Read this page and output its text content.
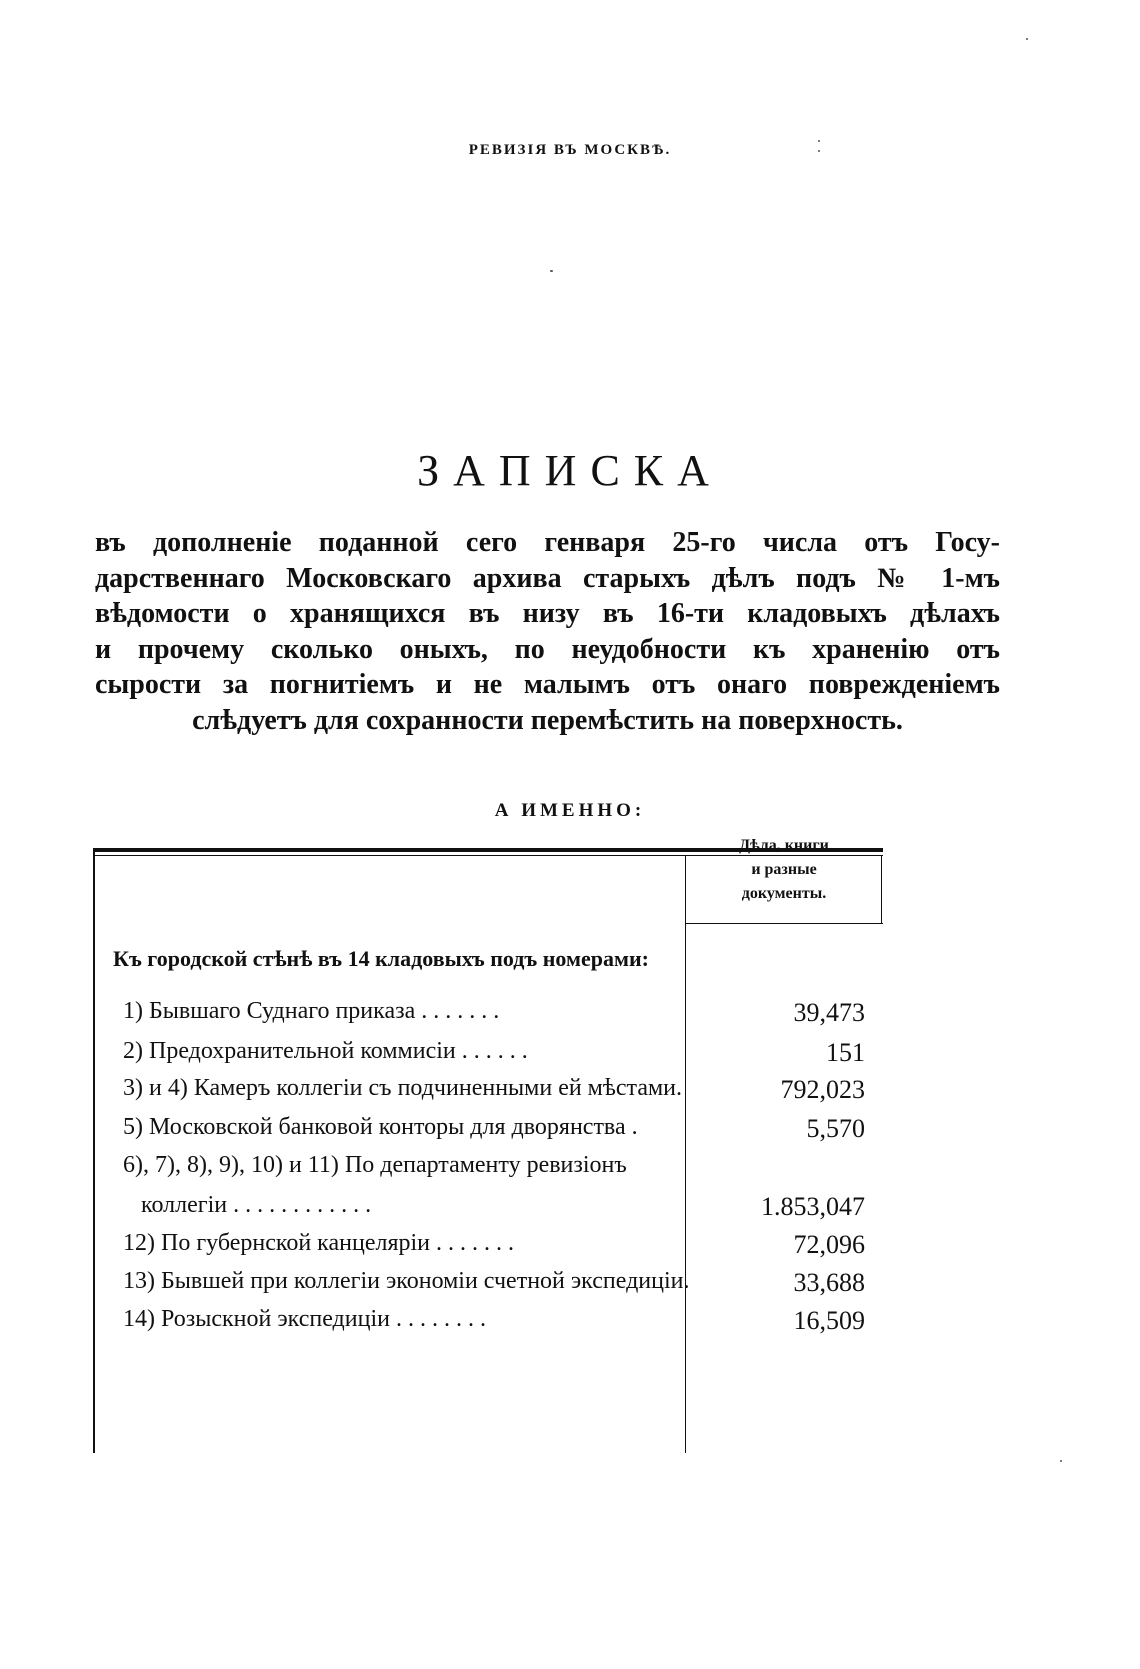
РЕВИЗIЯ ВЪ МОСКВѢ.
ЗАПИСКА
въ дополненiе поданной сего генваря 25-го числа отъ Госу-
дарственнаго Московскаго архива старыхъ дѣлъ подъ № 1-мъ
вѣдомости о хранящихся въ низу въ 16-ти кладовыхъ дѣлахъ
и прочему сколько оныхъ, по неудобности къ храненiю отъ
сырости за погнитiемъ и не малымъ отъ онаго поврежденiемъ
слѣдуетъ для сохранности перемѣстить на поверхность.
А ИМЕННО:
Дѣла, книги
и разные
документы.
Къ городской стѣнѣ въ 14 кладовыхъ подъ номерами:
1) Бывшаго Суднаго приказа . . . . . . .	39,473
2) Предохранительной коммисiи . . . . . .	151
3) и 4) Камеръ коллегiи съ подчиненными ей мѣстами.	792,023
5) Московской банковой конторы для дворянства .	5,570
6), 7), 8), 9), 10) и 11) По департаменту ревизiонъ
коллегiи . . . . . . . . . . . .	1.853,047
12) По губернской канцелярiи . . . . . . .	72,096
13) Бывшей при коллегiи экономiи счетной экспедицiи.	33,688
14) Розыскной экспедицiи . . . . . . . .	16,509
